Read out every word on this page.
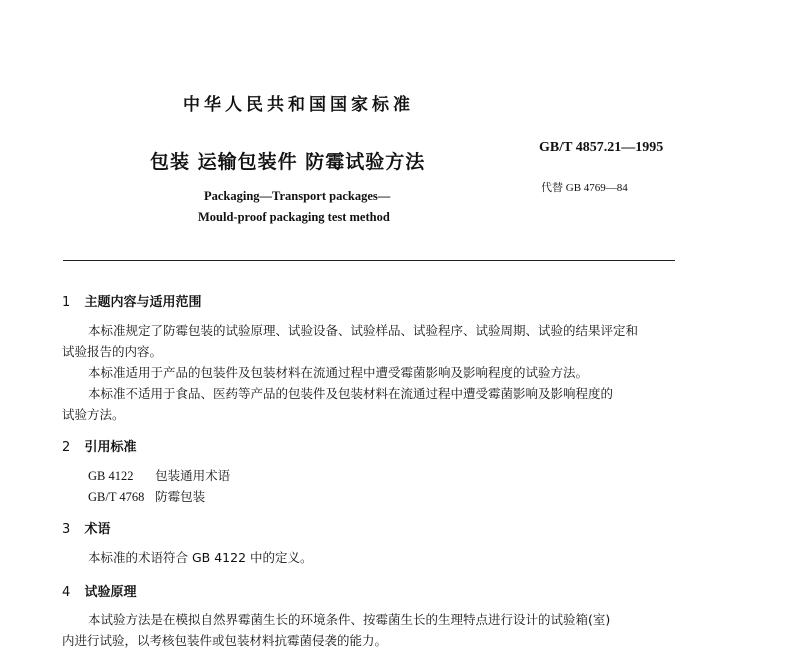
中华人民共和国国家标准
包装 运输包装件 防霉试验方法
GB/T 4857.21—1995
代替 GB 4769—84
Packaging—Transport packages—
Mould-proof packaging test method
1 主题内容与适用范围
本标准规定了防霉包装的试验原理、试验设备、试验样品、试验程序、试验周期、试验的结果评定和
试验报告的内容。
本标准适用于产品的包装件及包装材料在流通过程中遭受霉菌影响及影响程度的试验方法。
本标准不适用于食品、医药等产品的包装件及包装材料在流通过程中遭受霉菌影响及影响程度的
试验方法。
2 引用标准
GB 4122 包装通用术语
GB/T 4768 防霉包装
3 术语
本标准的术语符合 GB 4122 中的定义。
4 试验原理
本试验方法是在模拟自然界霉菌生长的环境条件、按霉菌生长的生理特点进行设计的试验箱(室)
内进行试验，以考核包装件或包装材料抗霉菌侵袭的能力。
